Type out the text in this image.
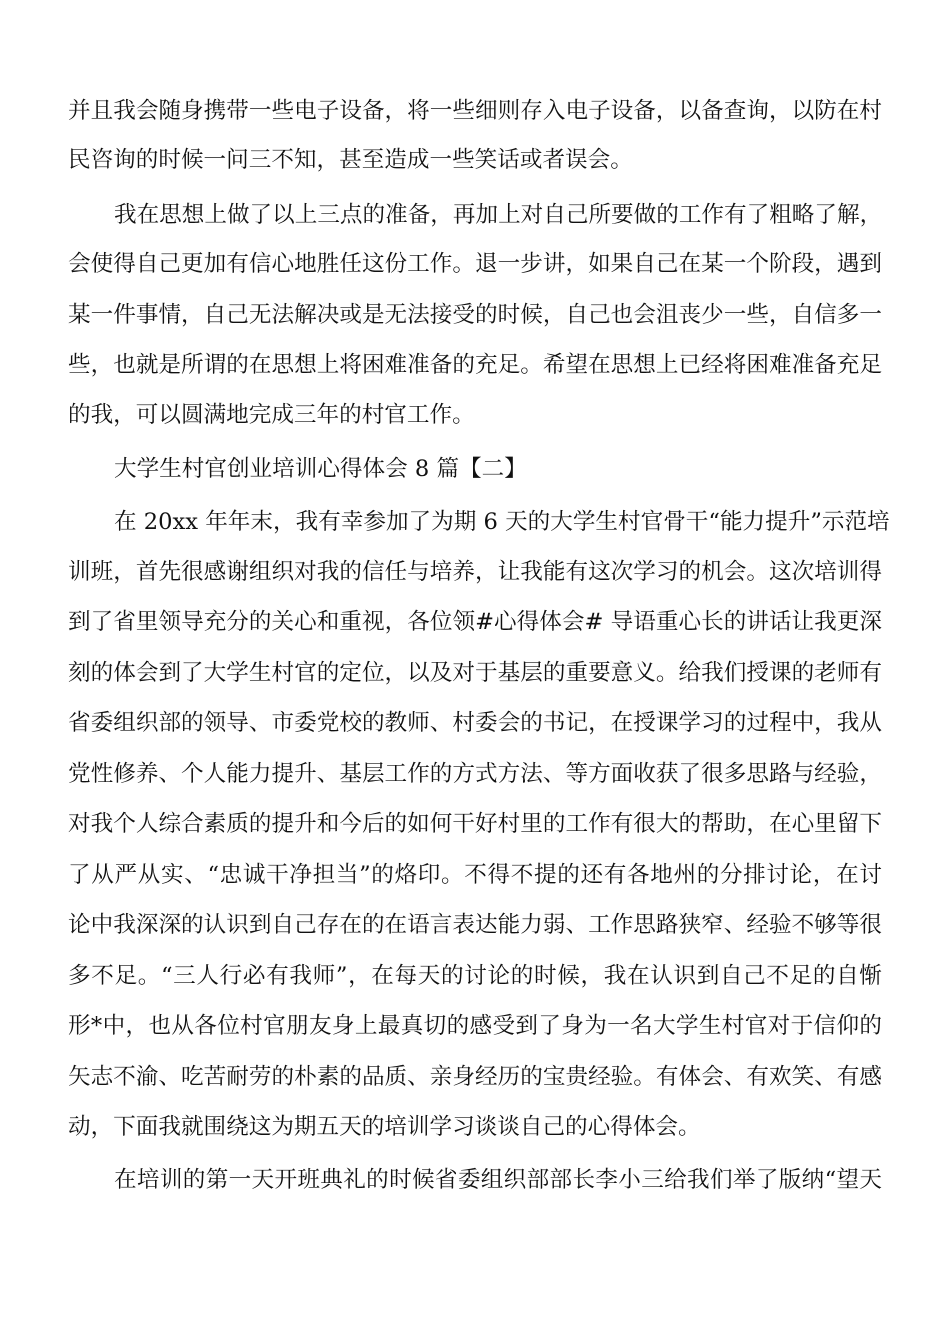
并且我会随身携带一些电子设备，将一些细则存入电子设备，以备查询，以防在村
民咨询的时候一问三不知，甚至造成一些笑话或者误会。
我在思想上做了以上三点的准备，再加上对自己所要做的工作有了粗略了解，
会使得自己更加有信心地胜任这份工作。退一步讲，如果自己在某一个阶段，遇到
某一件事情，自己无法解决或是无法接受的时候，自己也会沮丧少一些，自信多一
些，也就是所谓的在思想上将困难准备的充足。希望在思想上已经将困难准备充足
的我，可以圆满地完成三年的村官工作。
大学生村官创业培训心得体会 8 篇【二】
在 20xx 年年末，我有幸参加了为期 6 天的大学生村官骨干“能力提升”示范培
训班，首先很感谢组织对我的信任与培养，让我能有这次学习的机会。这次培训得
到了省里领导充分的关心和重视，各位领#心得体会# 导语重心长的讲话让我更深
刻的体会到了大学生村官的定位，以及对于基层的重要意义。给我们授课的老师有
省委组织部的领导、市委党校的教师、村委会的书记，在授课学习的过程中，我从
党性修养、个人能力提升、基层工作的方式方法、等方面收获了很多思路与经验，
对我个人综合素质的提升和今后的如何干好村里的工作有很大的帮助，在心里留下
了从严从实、“忠诚干净担当”的烙印。不得不提的还有各地州的分排讨论，在讨
论中我深深的认识到自己存在的在语言表达能力弱、工作思路狭窄、经验不够等很
多不足。“三人行必有我师”，在每天的讨论的时候，我在认识到自己不足的自惭
形*中，也从各位村官朋友身上最真切的感受到了身为一名大学生村官对于信仰的
矢志不渝、吃苦耐劳的朴素的品质、亲身经历的宝贵经验。有体会、有欢笑、有感
动，下面我就围绕这为期五天的培训学习谈谈自己的心得体会。
在培训的第一天开班典礼的时候省委组织部部长李小三给我们举了版纳“望天
